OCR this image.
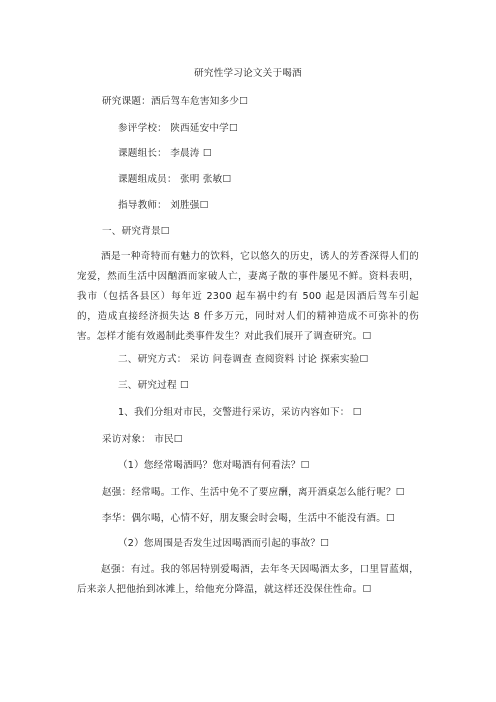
研究性学习论文关于喝酒
研究课题：酒后驾车危害知多少☐
参评学校： 陕西延安中学☐
课题组长： 李晨涛 ☐
课题组成员： 张明 张敏☐
指导教师： 刘胜强☐
一、研究背景☐
酒是一种奇特而有魅力的饮料，它以悠久的历史，诱人的芳香深得人们的宠爱，然而生活中因酗酒而家破人亡，妻离子散的事件屡见不鲜。资料表明，我市（包括各县区）每年近 2300 起车祸中约有 500 起是因酒后驾车引起的，造成直接经济损失达 8 仟多万元，同时对人们的精神造成不可弥补的伤害。怎样才能有效遏制此类事件发生？对此我们展开了调查研究。☐
二、研究方式： 采访 问卷调查 查阅资料 讨论 探索实验☐
三、研究过程 ☐
1、我们分组对市民，交警进行采访，采访内容如下： ☐
采访对象： 市民☐
（1）您经常喝酒吗？您对喝酒有何看法？☐
赵强：经常喝。工作、生活中免不了要应酬，离开酒桌怎么能行呢？☐
李华：偶尔喝，心情不好，朋友聚会时会喝，生活中不能没有酒。☐
（2）您周围是否发生过因喝酒而引起的事故？☐
赵强：有过。我的邻居特别爱喝酒，去年冬天因喝酒太多，口里冒蓝烟，后来亲人把他抬到冰滩上，给他充分降温，就这样还没保住性命。☐
